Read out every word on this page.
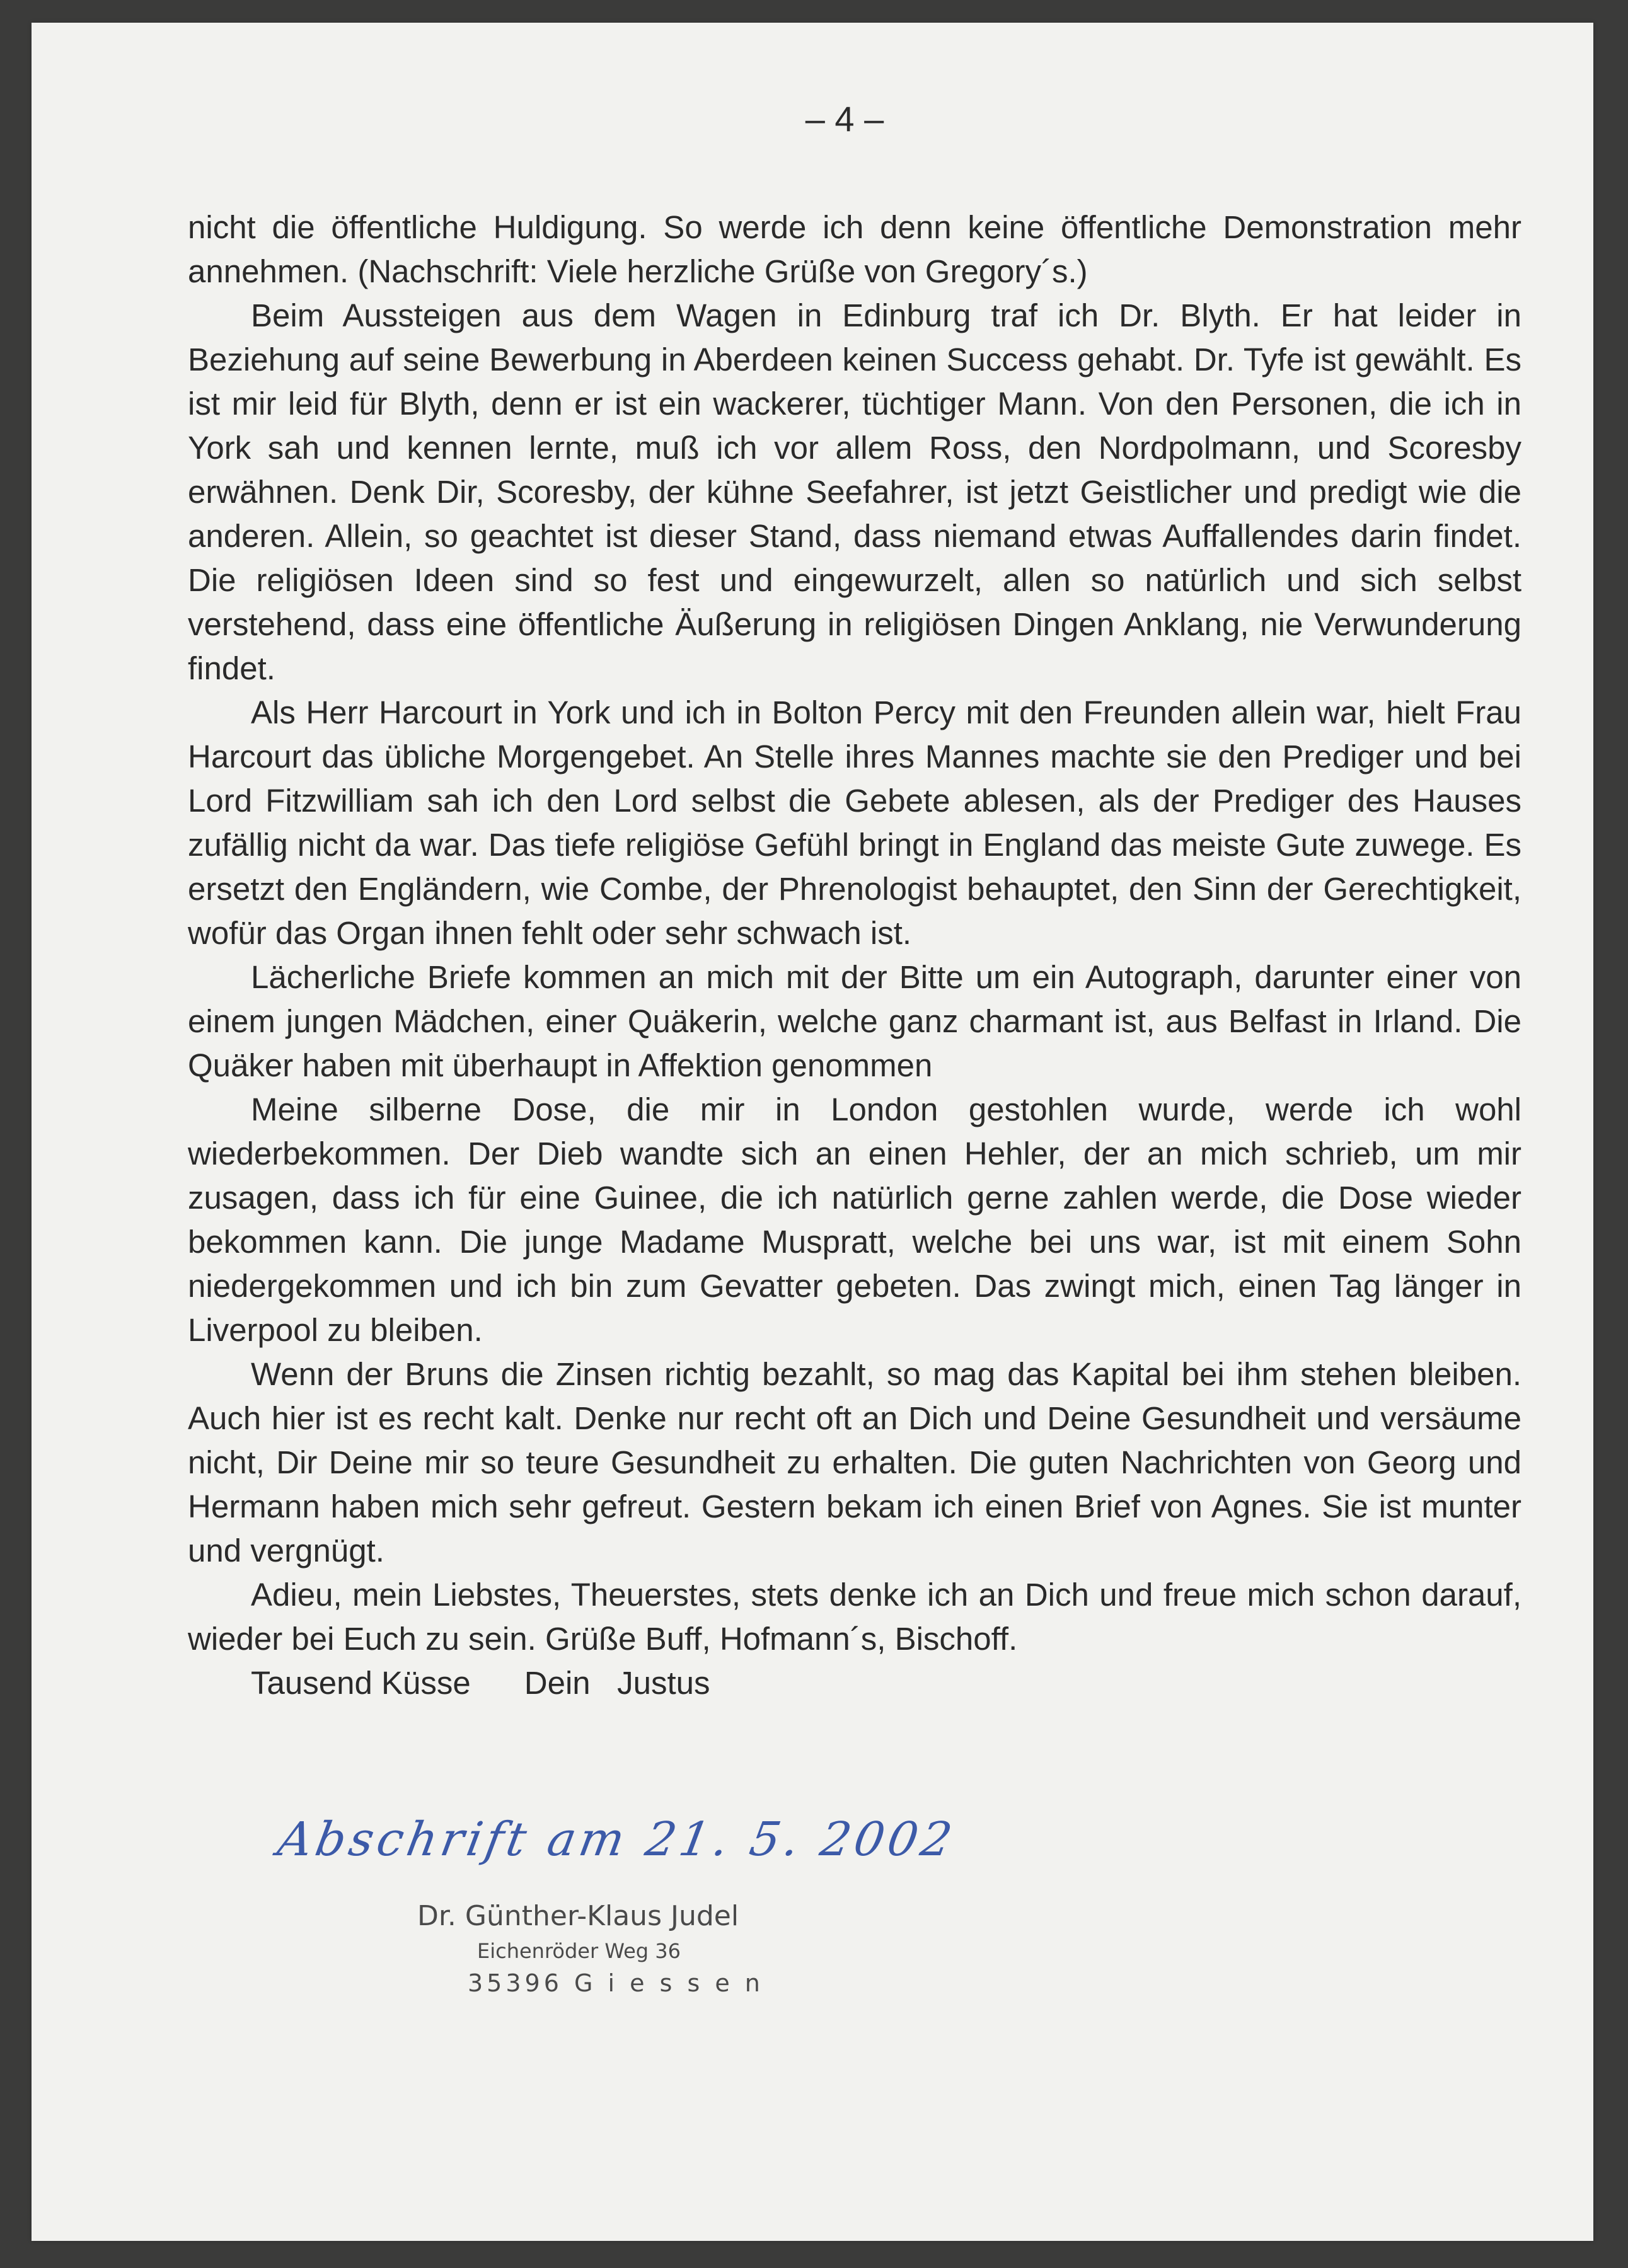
– 4 –

nicht die öffentliche Huldigung. So werde ich denn keine öffentliche Demonstration mehr annehmen. (Nachschrift: Viele herzliche Grüße von Gregory´s.)

Beim Aussteigen aus dem Wagen in Edinburg traf ich Dr. Blyth. Er hat leider in Beziehung auf seine Bewerbung in Aberdeen keinen Success gehabt. Dr. Tyfe ist gewählt. Es ist mir leid für Blyth, denn er ist ein wackerer, tüchtiger Mann. Von den Personen, die ich in York sah und kennen lernte, muß ich vor allem Ross, den Nordpolmann, und Scoresby erwähnen. Denk Dir, Scoresby, der kühne Seefahrer, ist jetzt Geistlicher und predigt wie die anderen. Allein, so geachtet ist dieser Stand, dass niemand etwas Auffallendes darin findet. Die religiösen Ideen sind so fest und eingewurzelt, allen so natürlich und sich selbst verstehend, dass eine öffentliche Äußerung in religiösen Dingen Anklang, nie Verwunderung findet.

Als Herr Harcourt in York und ich in Bolton Percy mit den Freunden allein war, hielt Frau Harcourt das übliche Morgengebet. An Stelle ihres Mannes machte sie den Prediger und bei Lord Fitzwilliam sah ich den Lord selbst die Gebete ablesen, als der Prediger des Hauses zufällig nicht da war. Das tiefe religiöse Gefühl bringt in England das meiste Gute zuwege. Es ersetzt den Engländern, wie Combe, der Phrenologist behauptet, den Sinn der Gerechtigkeit, wofür das Organ ihnen fehlt oder sehr schwach ist.

Lächerliche Briefe kommen an mich mit der Bitte um ein Autograph, darunter einer von einem jungen Mädchen, einer Quäkerin, welche ganz charmant ist, aus Belfast in Irland. Die Quäker haben mit überhaupt in Affektion genommen

Meine silberne Dose, die mir in London gestohlen wurde, werde ich wohl wiederbekommen. Der Dieb wandte sich an einen Hehler, der an mich schrieb, um mir zusagen, dass ich für eine Guinee, die ich natürlich gerne zahlen werde, die Dose wieder bekommen kann. Die junge Madame Muspratt, welche bei uns war, ist mit einem Sohn niedergekommen und ich bin zum Gevatter gebeten. Das zwingt mich, einen Tag länger in Liverpool zu bleiben.

Wenn der Bruns die Zinsen richtig bezahlt, so mag das Kapital bei ihm stehen bleiben. Auch hier ist es recht kalt. Denke nur recht oft an Dich und Deine Gesundheit und versäume nicht, Dir Deine mir so teure Gesundheit zu erhalten. Die guten Nachrichten von Georg und Hermann haben mich sehr gefreut. Gestern bekam ich einen Brief von Agnes. Sie ist munter und vergnügt.

Adieu, mein Liebstes, Theuerstes, stets denke ich an Dich und freue mich schon darauf, wieder bei Euch zu sein. Grüße Buff, Hofmann´s, Bischoff.

Tausend Küsse      Dein   Justus

Abschrift am 21. 5. 2002
Dr. Günther-Klaus Judel
Eichenröder Weg 36
35396 G i e s s e n
